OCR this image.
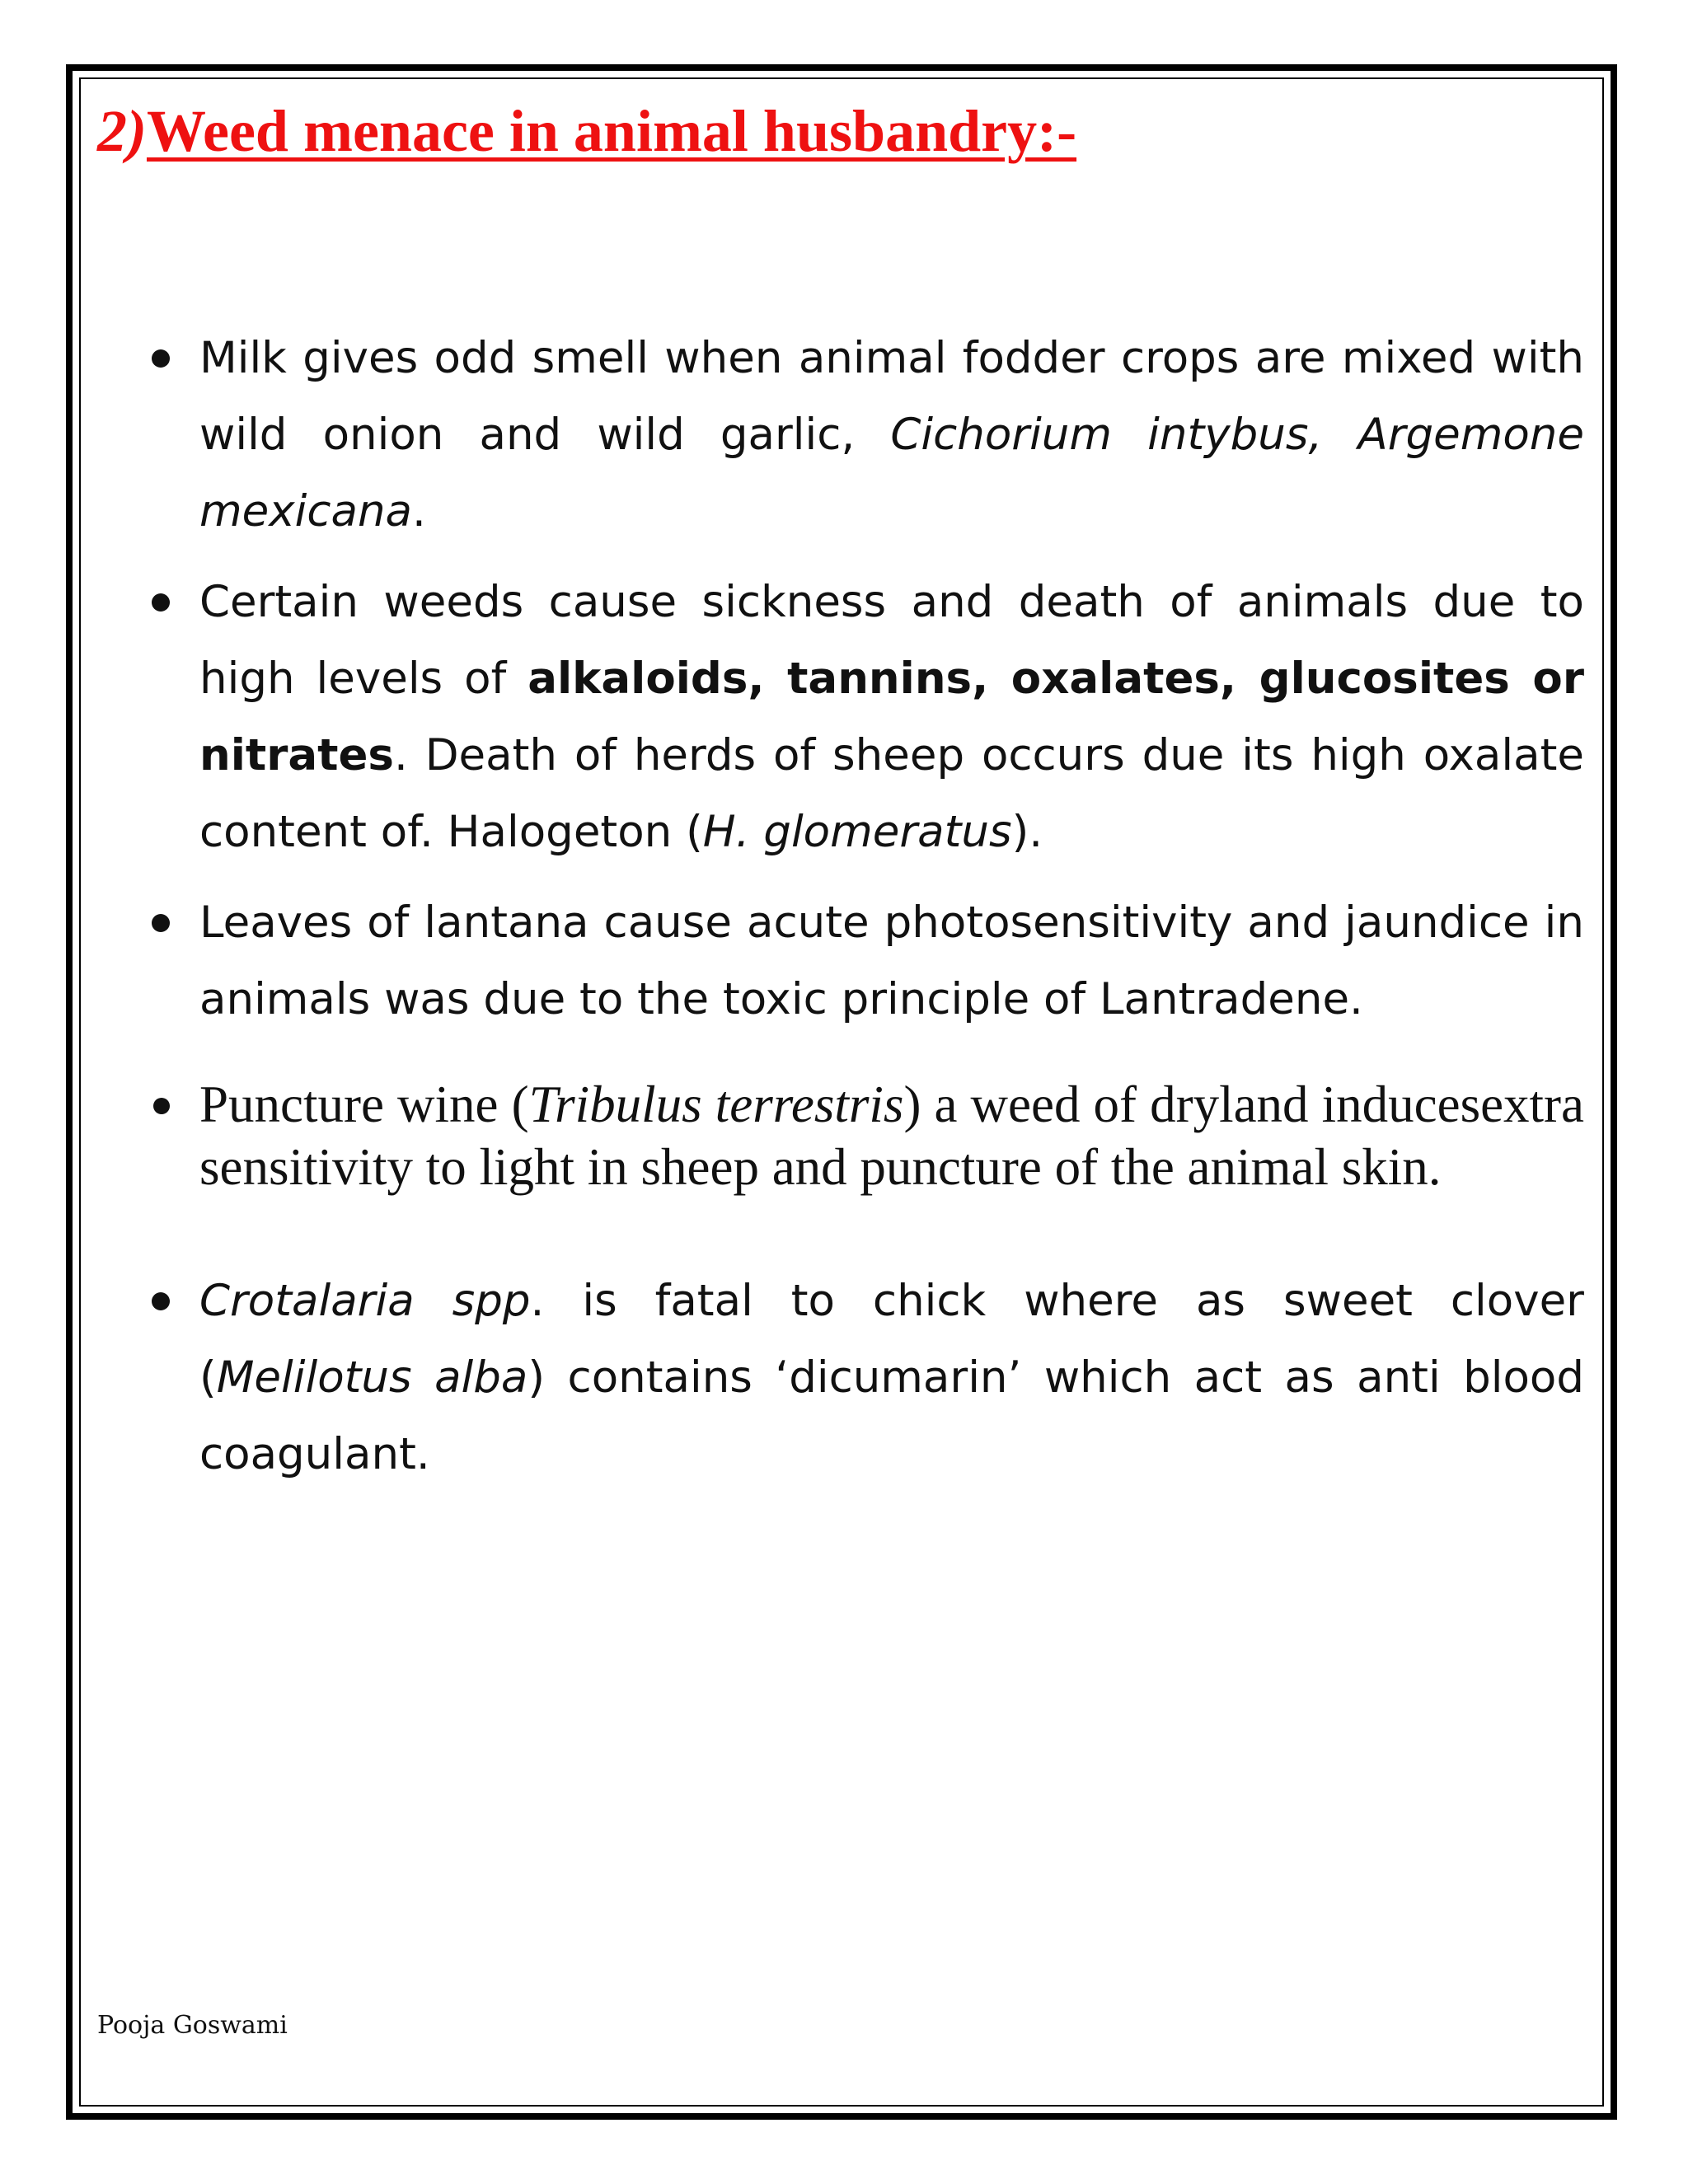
2)Weed menace in animal husbandry:-
Milk gives odd smell when animal fodder crops are mixed with wild onion and wild garlic, Cichorium intybus, Argemone mexicana.
Certain weeds cause sickness and death of animals due to high levels of alkaloids, tannins, oxalates, glucosites or nitrates. Death of herds of sheep occurs due its high oxalate content of. Halogeton (H. glomeratus).
Leaves of lantana cause acute photosensitivity and jaundice in animals was due to the toxic principle of Lantradene.
Puncture wine (Tribulus terrestris) a weed of dryland inducesextra sensitivity to light in sheep and puncture of the animal skin.
Crotalaria spp. is fatal to chick where as sweet clover (Melilotus alba) contains ‘dicumarin’ which act as anti blood coagulant.

Pooja Goswami
